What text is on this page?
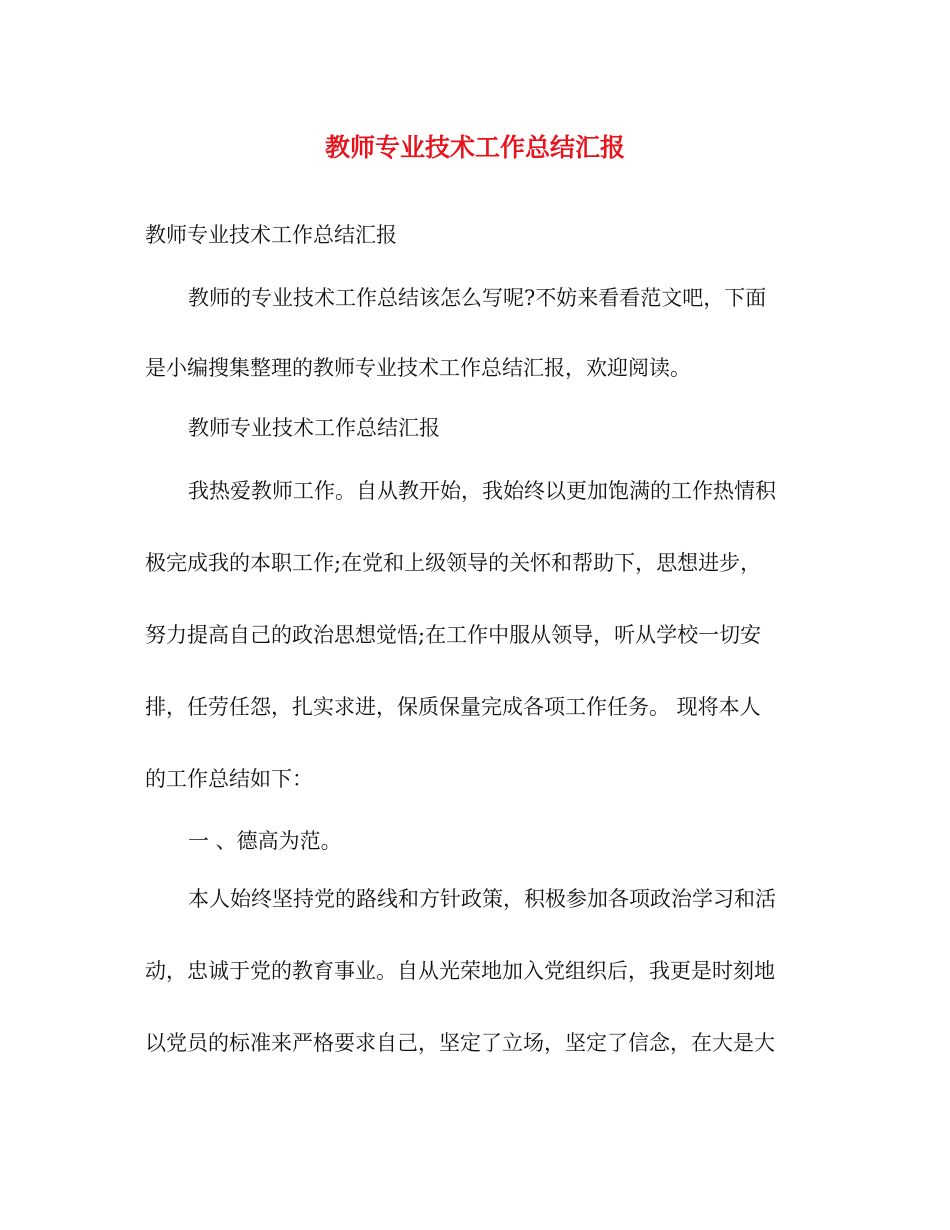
教师专业技术工作总结汇报

教师专业技术工作总结汇报

教师的专业技术工作总结该怎么写呢?不妨来看看范文吧，下面

是小编搜集整理的教师专业技术工作总结汇报，欢迎阅读。

教师专业技术工作总结汇报

我热爱教师工作。自从教开始，我始终以更加饱满的工作热情积

极完成我的本职工作;在党和上级领导的关怀和帮助下，思想进步，

努力提高自己的政治思想觉悟;在工作中服从领导，听从学校一切安

排，任劳任怨，扎实求进，保质保量完成各项工作任务。 现将本人

的工作总结如下：

一 、德高为范。

本人始终坚持党的路线和方针政策，积极参加各项政治学习和活

动，忠诚于党的教育事业。自从光荣地加入党组织后，我更是时刻地

以党员的标准来严格要求自己，坚定了立场，坚定了信念，在大是大
